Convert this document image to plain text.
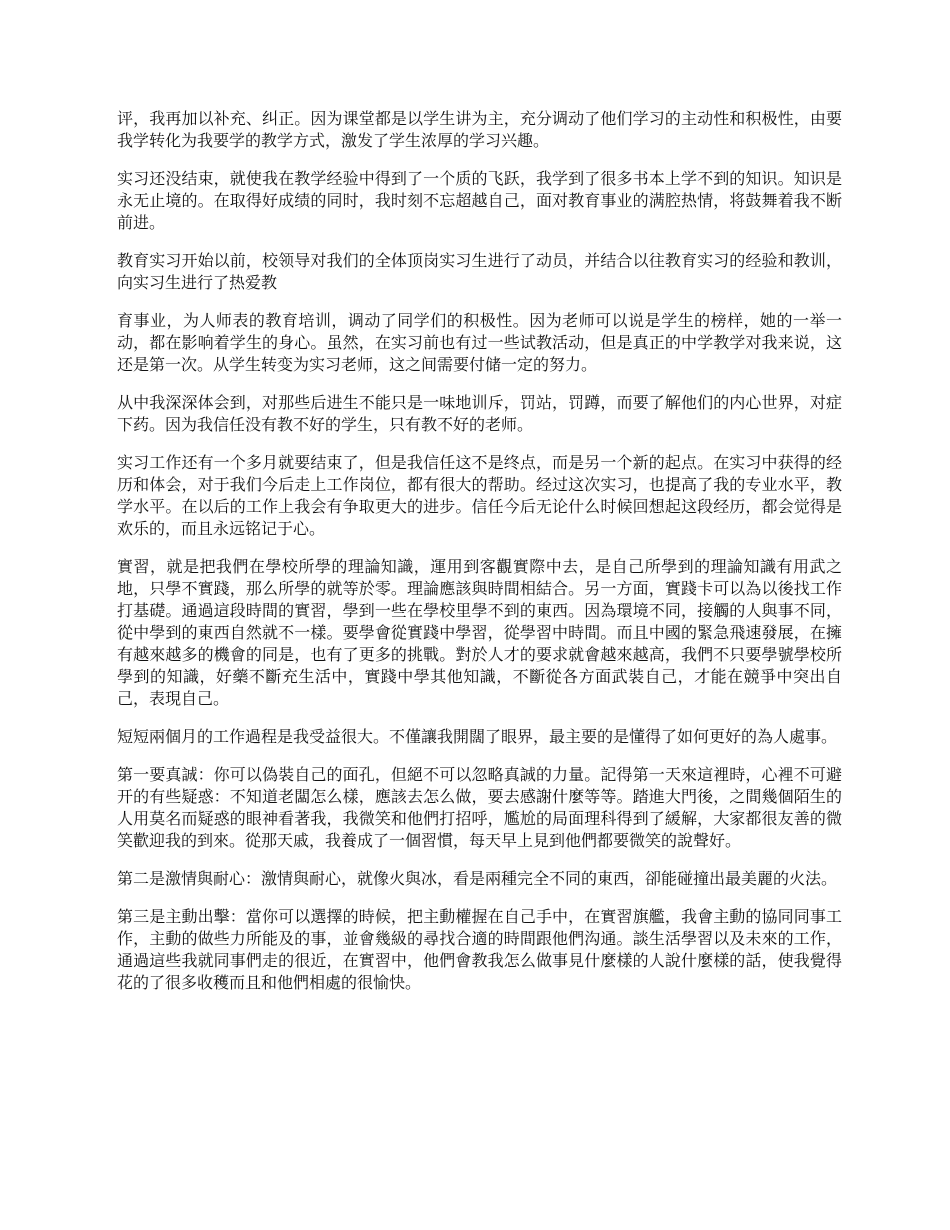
评，我再加以补充、纠正。因为课堂都是以学生讲为主，充分调动了他们学习的主动性和积极性，由要我学转化为我要学的教学方式，激发了学生浓厚的学习兴趣。

实习还没结束，就使我在教学经验中得到了一个质的飞跃，我学到了很多书本上学不到的知识。知识是永无止境的。在取得好成绩的同时，我时刻不忘超越自己，面对教育事业的满腔热情，将鼓舞着我不断前进。

教育实习开始以前，校领导对我们的全体顶岗实习生进行了动员，并结合以往教育实习的经验和教训，向实习生进行了热爱教

育事业，为人师表的教育培训，调动了同学们的积极性。因为老师可以说是学生的榜样，她的一举一动，都在影响着学生的身心。虽然，在实习前也有过一些试教活动，但是真正的中学教学对我来说，这还是第一次。从学生转变为实习老师，这之间需要付储一定的努力。

从中我深深体会到，对那些后进生不能只是一味地训斥，罚站，罚蹲，而要了解他们的内心世界，对症下药。因为我信任没有教不好的学生，只有教不好的老师。

实习工作还有一个多月就要结束了，但是我信任这不是终点，而是另一个新的起点。在实习中获得的经历和体会，对于我们今后走上工作岗位，都有很大的帮助。经过这次实习，也提高了我的专业水平，教学水平。在以后的工作上我会有争取更大的进步。信任今后无论什么时候回想起这段经历，都会觉得是欢乐的，而且永远铭记于心。

實習，就是把我們在學校所學的理論知識，運用到客觀實際中去，是自己所學到的理論知識有用武之地，只學不實踐，那么所學的就等於零。理論應該與時間相結合。另一方面，實踐卡可以為以後找工作打基礎。通過這段時間的實習，學到一些在學校里學不到的東西。因為環境不同，接觸的人與事不同，從中學到的東西自然就不一樣。要學會從實踐中學習，從學習中時間。而且中國的緊急飛速發展，在擁有越來越多的機會的同是，也有了更多的挑戰。對於人才的要求就會越來越高，我們不只要學號學校所學到的知識，好藥不斷充生活中，實踐中學其他知識，不斷從各方面武裝自己，才能在競爭中突出自己，表現自己。

短短兩個月的工作過程是我受益很大。不僅讓我開闊了眼界，最主要的是懂得了如何更好的為人處事。

第一要真誠：你可以偽裝自己的面孔，但絕不可以忽略真誠的力量。記得第一天來這裡時，心裡不可避开的有些疑惑：不知道老闆怎么樣，應該去怎么做，要去感謝什麼等等。踏進大門後，之間幾個陌生的人用莫名而疑惑的眼神看著我，我微笑和他們打招呼，尷尬的局面理科得到了緩解，大家都很友善的微笑歡迎我的到來。從那天戚，我養成了一個習慣，每天早上見到他們都要微笑的說聲好。

第二是激情與耐心：激情與耐心，就像火與冰，看是兩種完全不同的東西，卻能碰撞出最美麗的火法。

第三是主動出擊：當你可以選擇的時候，把主動權握在自己手中，在實習旗艦，我會主動的協同同事工作，主動的做些力所能及的事，並會幾級的尋找合適的時間跟他們沟通。談生活學習以及未來的工作，通過這些我就同事們走的很近，在實習中，他們會教我怎么做事見什麼樣的人說什麼樣的話，使我覺得花的了很多收穫而且和他們相處的很愉快。
